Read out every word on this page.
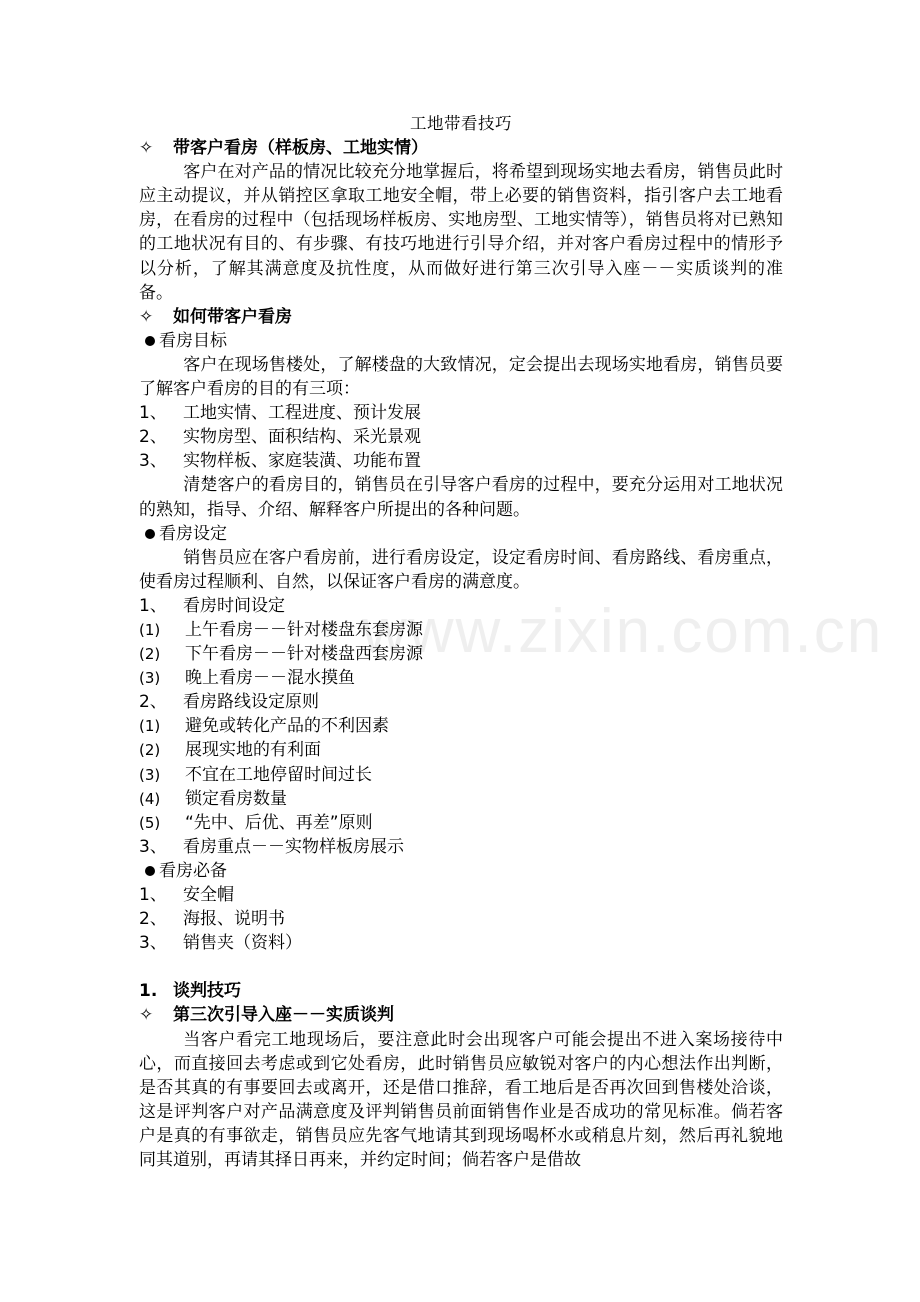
www.zixin.com.cn
工地带看技巧
✧ 带客户看房（样板房、工地实情）

客户在对产品的情况比较充分地掌握后，将希望到现场实地去看房，销售员此时应主动提议，并从销控区拿取工地安全帽，带上必要的销售资料，指引客户去工地看房，在看房的过程中（包括现场样板房、实地房型、工地实情等），销售员将对已熟知的工地状况有目的、有步骤、有技巧地进行引导介绍，并对客户看房过程中的情形予以分析，了解其满意度及抗性度，从而做好进行第三次引导入座－－实质谈判的准备。

✧ 如何带客户看房
看房目标

客户在现场售楼处，了解楼盘的大致情况，定会提出去现场实地看房，销售员要了解客户看房的目的有三项：

1、 工地实情、工程进度、预计发展
2、 实物房型、面积结构、采光景观
3、 实物样板、家庭装潢、功能布置

清楚客户的看房目的，销售员在引导客户看房的过程中，要充分运用对工地状况的熟知，指导、介绍、解释客户所提出的各种问题。

看房设定

销售员应在客户看房前，进行看房设定，设定看房时间、看房路线、看房重点，使看房过程顺利、自然，以保证客户看房的满意度。

1、 看房时间设定
(1) 上午看房－－针对楼盘东套房源
(2) 下午看房－－针对楼盘西套房源
(3) 晚上看房－－混水摸鱼
2、 看房路线设定原则
(1) 避免或转化产品的不利因素
(2) 展现实地的有利面
(3) 不宜在工地停留时间过长
(4) 锁定看房数量
(5) “先中、后优、再差”原则
3、 看房重点－－实物样板房展示
看房必备
1、 安全帽
2、 海报、说明书
3、 销售夹（资料）
1. 谈判技巧
✧ 第三次引导入座－－实质谈判

当客户看完工地现场后，要注意此时会出现客户可能会提出不进入案场接待中心，而直接回去考虑或到它处看房，此时销售员应敏锐对客户的内心想法作出判断，是否其真的有事要回去或离开，还是借口推辞，看工地后是否再次回到售楼处洽谈，这是评判客户对产品满意度及评判销售员前面销售作业是否成功的常见标准。倘若客户是真的有事欲走，销售员应先客气地请其到现场喝杯水或稍息片刻，然后再礼貌地同其道别，再请其择日再来，并约定时间；倘若客户是借故
